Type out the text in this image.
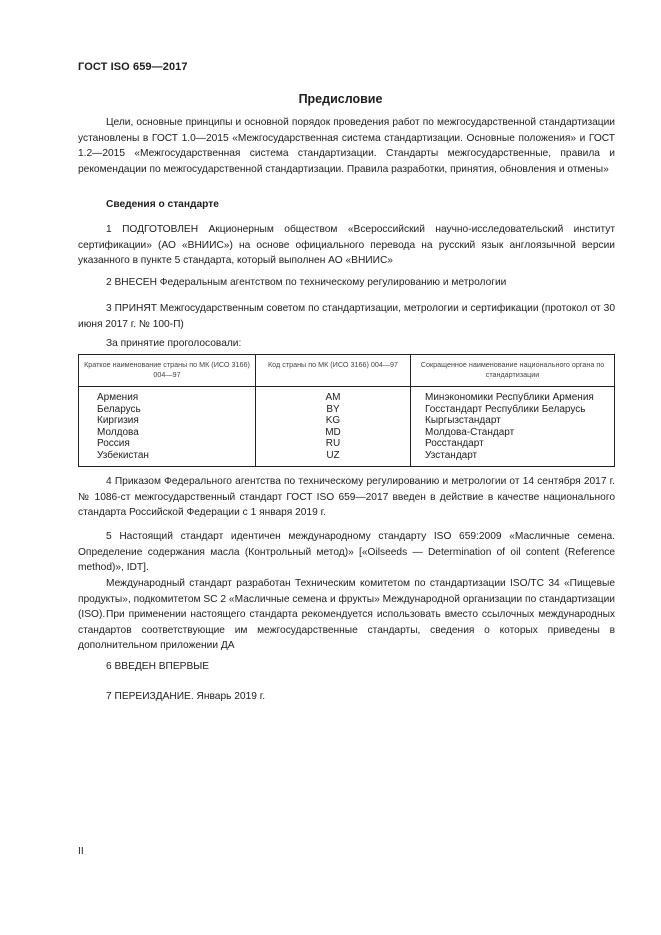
ГОСТ ISO 659—2017
Предисловие

Цели, основные принципы и основной порядок проведения работ по межгосударственной стандартизации установлены в ГОСТ 1.0—2015 «Межгосударственная система стандартизации. Основные положения» и ГОСТ 1.2—2015 «Межгосударственная система стандартизации. Стандарты межгосударственные, правила и рекомендации по межгосударственной стандартизации. Правила разработки, принятия, обновления и отмены»

Сведения о стандарте

1 ПОДГОТОВЛЕН Акционерным обществом «Всероссийский научно-исследовательский институт сертификации» (АО «ВНИИС») на основе официального перевода на русский язык англоязычной версии указанного в пункте 5 стандарта, который выполнен АО «ВНИИС»

2 ВНЕСЕН Федеральным агентством по техническому регулированию и метрологии

3 ПРИНЯТ Межгосударственным советом по стандартизации, метрологии и сертификации (протокол от 30 июня 2017 г. № 100-П)

За принятие проголосовали:
Краткое наименование страны по МК (ИСО 3166) 004—97	Код страны по МК (ИСО 3166) 004—97	Сокращенное наименование национального органа по стандартизации
Армения	AM	Минэкономики Республики Армения
Беларусь	BY	Госстандарт Республики Беларусь
Киргизия	KG	Кыргызстандарт
Молдова	MD	Молдова-Стандарт
Россия	RU	Росстандарт
Узбекистан	UZ	Узстандарт

4 Приказом Федерального агентства по техническому регулированию и метрологии от 14 сентября 2017 г. № 1086-ст межгосударственный стандарт ГОСТ ISO 659—2017 введен в действие в качестве национального стандарта Российской Федерации с 1 января 2019 г.

5 Настоящий стандарт идентичен международному стандарту ISO 659:2009 «Масличные семена. Определение содержания масла (Контрольный метод)» [«Oilseeds — Determination of oil content (Reference method)», IDT].

Международный стандарт разработан Техническим комитетом по стандартизации ISO/TC 34 «Пищевые продукты», подкомитетом SC 2 «Масличные семена и фрукты» Международной организации по стандартизации (ISO). При применении настоящего стандарта рекомендуется использовать вместо ссылочных международных стандартов соответствующие им межгосударственные стандарты, сведения о которых приведены в дополнительном приложении ДА

6 ВВЕДЕН ВПЕРВЫЕ
7 ПЕРЕИЗДАНИЕ. Январь 2019 г.
II
